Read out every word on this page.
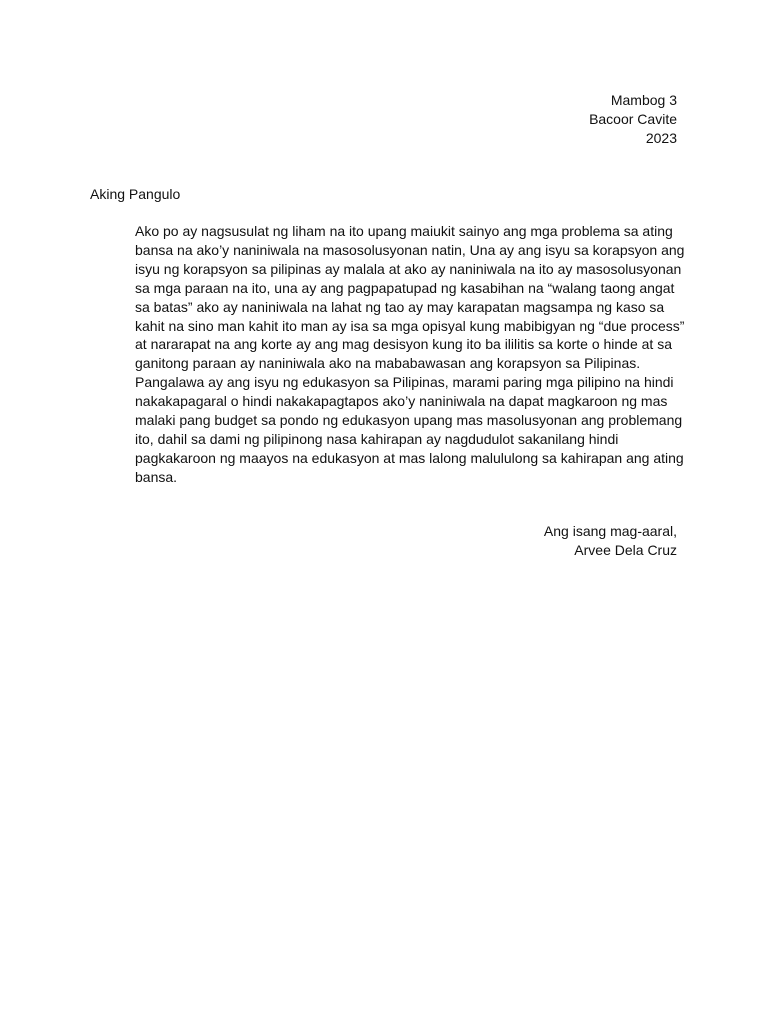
Mambog 3
Bacoor Cavite
2023
Aking Pangulo
Ako po ay nagsusulat ng liham na ito upang maiukit sainyo ang mga problema sa ating
bansa na ako’y naniniwala na masosolusyonan natin, Una ay ang isyu sa korapsyon ang
isyu ng korapsyon sa pilipinas ay malala at ako ay naniniwala na ito ay masosolusyonan
sa mga paraan na ito, una ay ang pagpapatupad ng kasabihan na “walang taong angat
sa batas” ako ay naniniwala na lahat ng tao ay may karapatan magsampa ng kaso sa
kahit na sino man kahit ito man ay isa sa mga opisyal kung mabibigyan ng “due process”
at nararapat na ang korte ay ang mag desisyon kung ito ba ililitis sa korte o hinde at sa
ganitong paraan ay naniniwala ako na mababawasan ang korapsyon sa Pilipinas.
Pangalawa ay ang isyu ng edukasyon sa Pilipinas, marami paring mga pilipino na hindi
nakakapagaral o hindi nakakapagtapos ako’y naniniwala na dapat magkaroon ng mas
malaki pang budget sa pondo ng edukasyon upang mas masolusyonan ang problemang
ito, dahil sa dami ng pilipinong nasa kahirapan ay nagdudulot sakanilang hindi
pagkakaroon ng maayos na edukasyon at mas lalong malululong sa kahirapan ang ating
bansa.
Ang isang mag-aaral,
Arvee Dela Cruz
